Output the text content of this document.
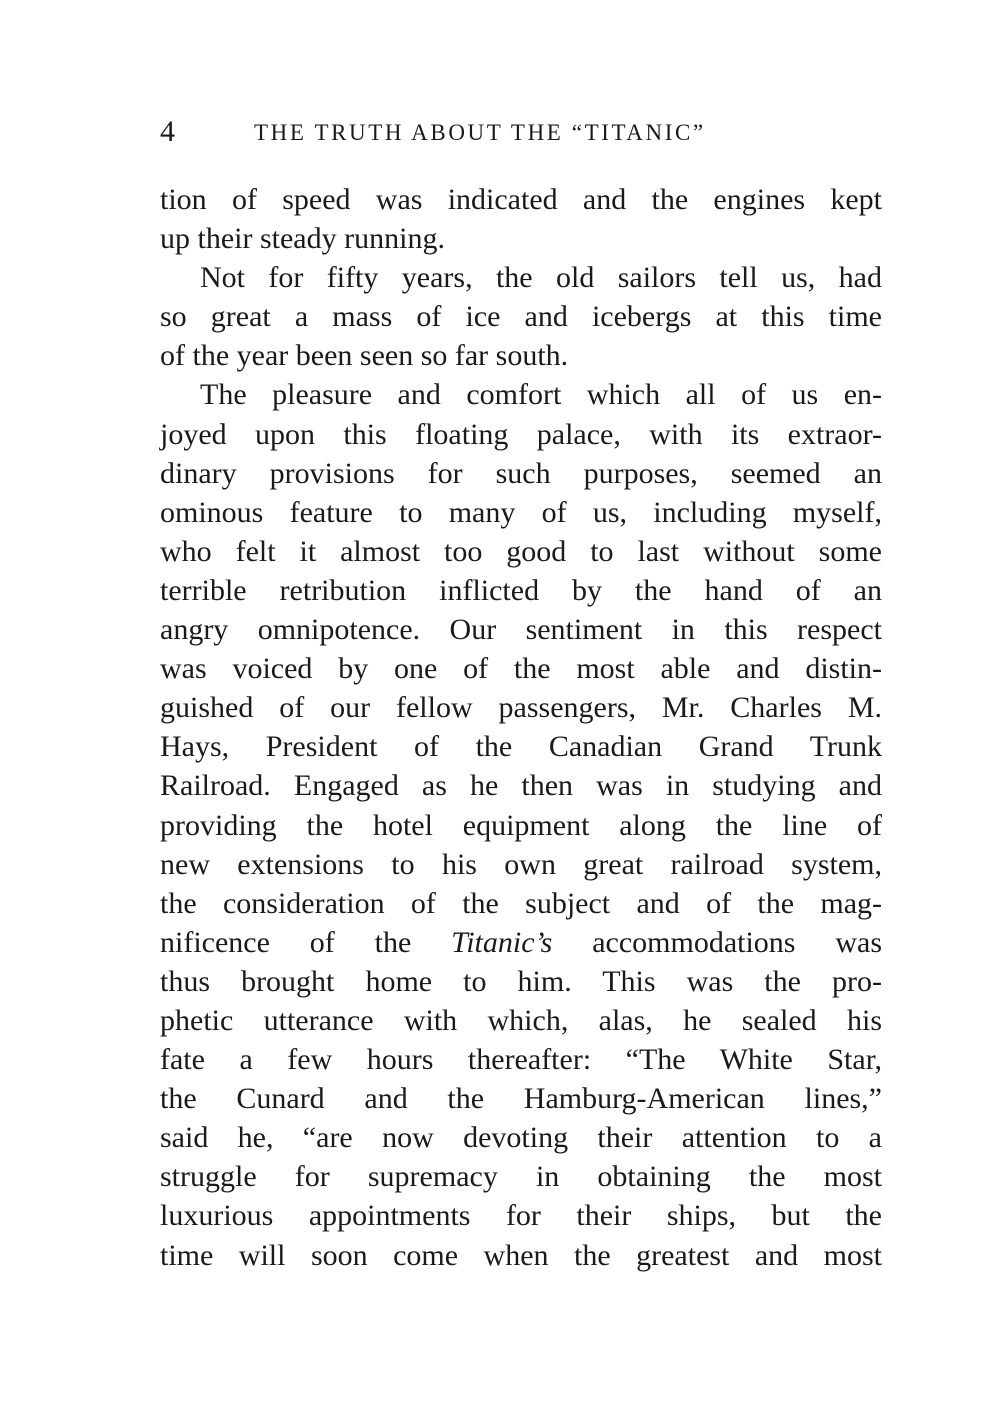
4	THE TRUTH ABOUT THE “TITANIC”
tion of speed was indicated and the engines kept
up their steady running.
Not for fifty years, the old sailors tell us, had
so great a mass of ice and icebergs at this time
of the year been seen so far south.
The pleasure and comfort which all of us en-
joyed upon this floating palace, with its extraor-
dinary provisions for such purposes, seemed an
ominous feature to many of us, including myself,
who felt it almost too good to last without some
terrible retribution inflicted by the hand of an
angry omnipotence. Our sentiment in this respect
was voiced by one of the most able and distin-
guished of our fellow passengers, Mr. Charles M.
Hays, President of the Canadian Grand Trunk
Railroad. Engaged as he then was in studying and
providing the hotel equipment along the line of
new extensions to his own great railroad system,
the consideration of the subject and of the mag-
nificence of the Titanic’s accommodations was
thus brought home to him. This was the pro-
phetic utterance with which, alas, he sealed his
fate a few hours thereafter: “The White Star,
the Cunard and the Hamburg-American lines,”
said he, “are now devoting their attention to a
struggle for supremacy in obtaining the most
luxurious appointments for their ships, but the
time will soon come when the greatest and most
